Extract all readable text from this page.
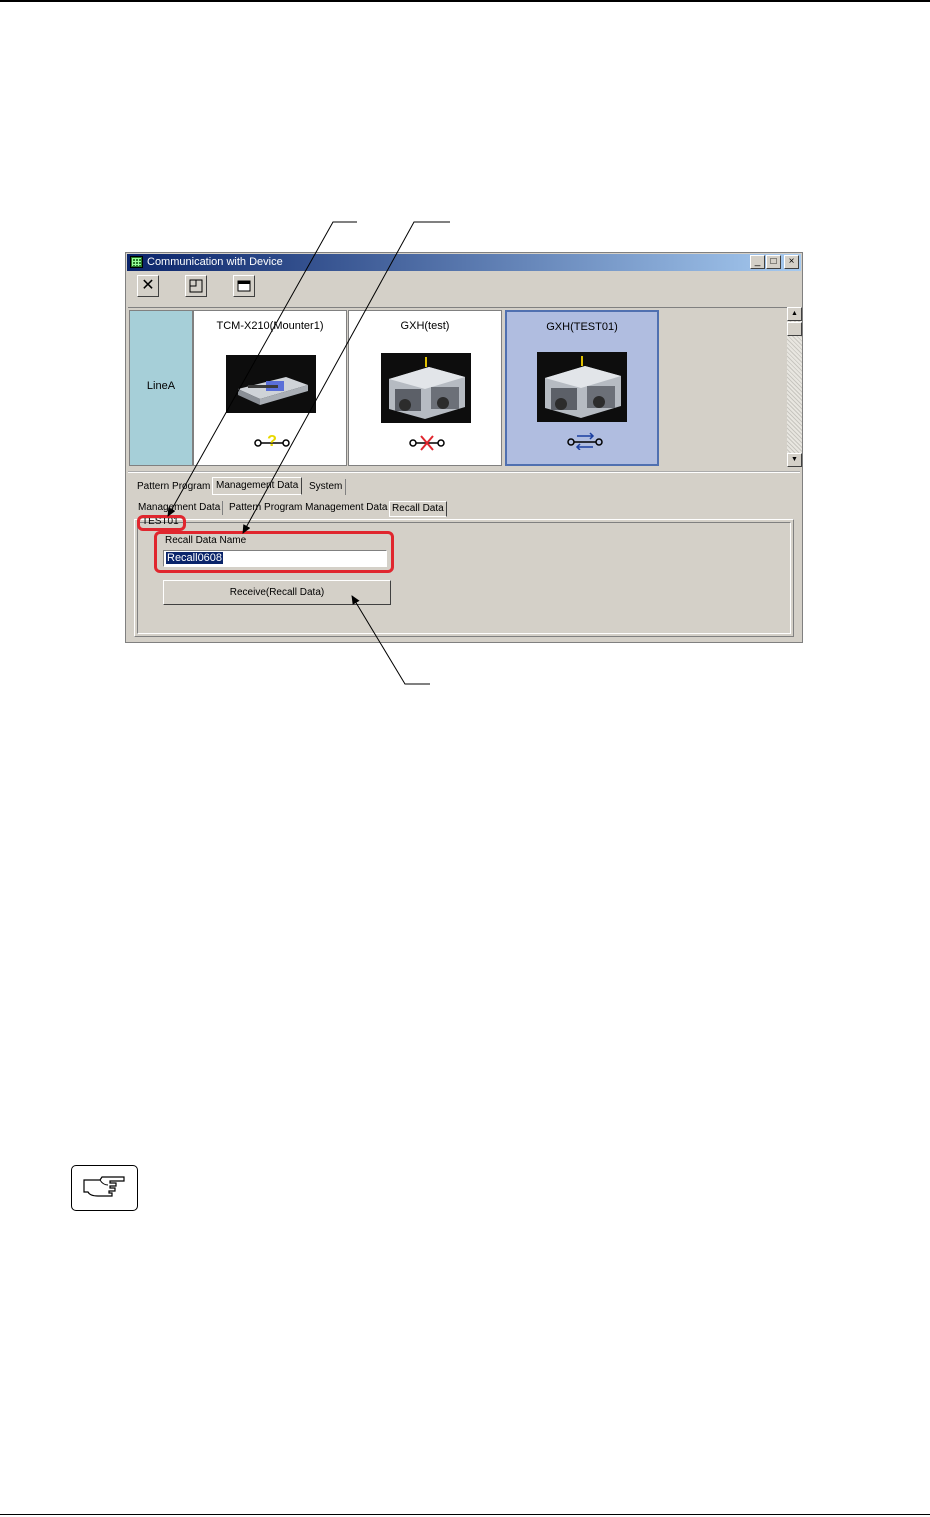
Communication with Device	_	□	×
✕
LineA
TCM-X210(Mounter1)
?
GXH(test)	GXH(TEST01)
▲
▼
Pattern Program Management Data	System
Management Data Pattern Program Management Data Recall Data
TEST01
Recall Data Name
Recall0608
Receive(Recall Data)
